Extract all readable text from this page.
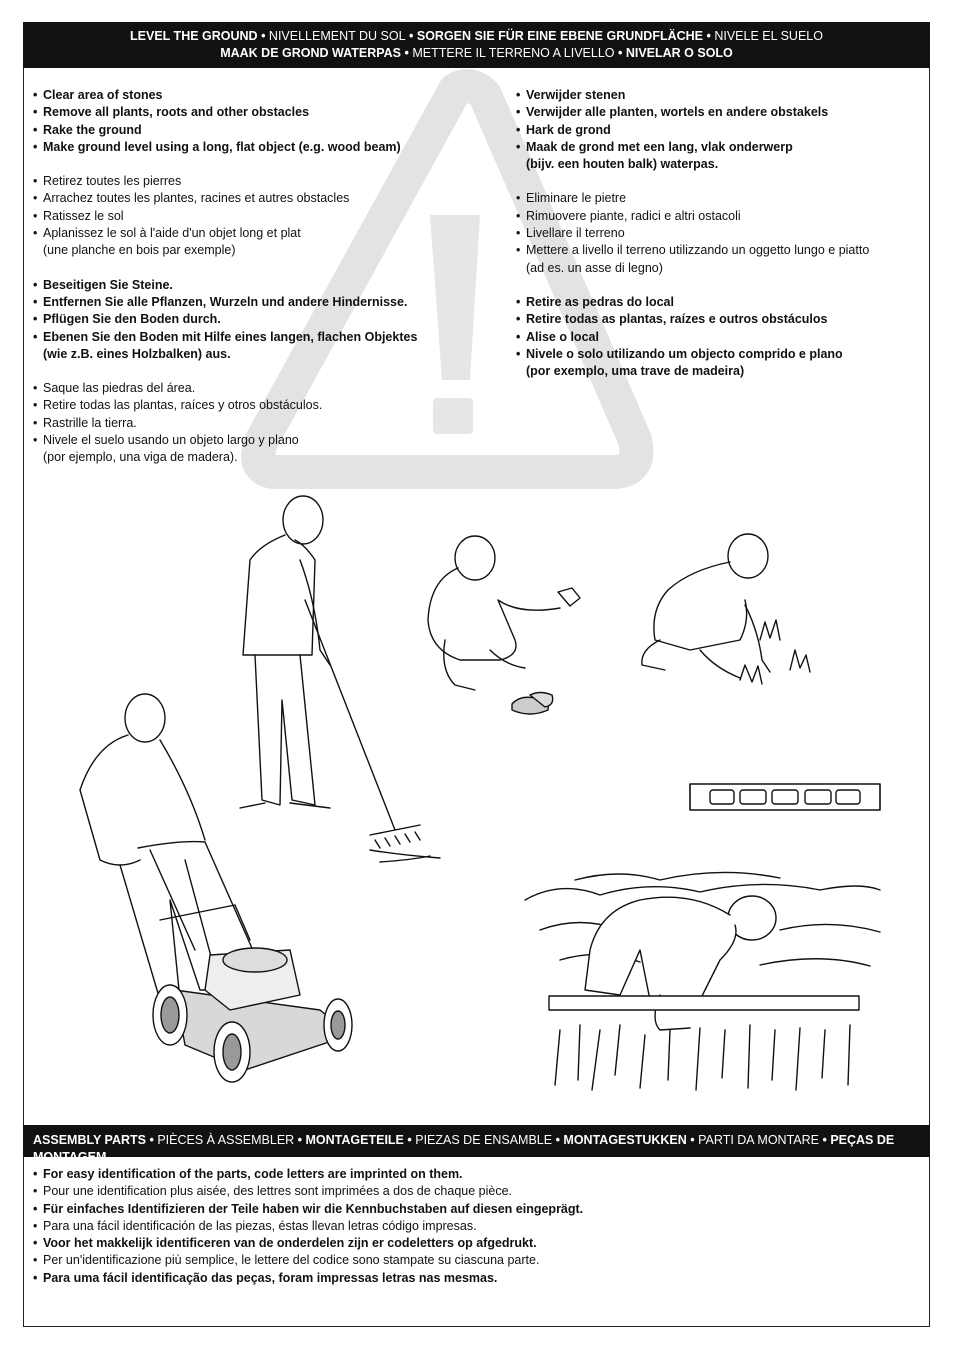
LEVEL THE GROUND • NIVELLEMENT DU SOL • SORGEN SIE FÜR EINE EBENE GRUNDFLÄCHE • NIVELE EL SUELO
MAAK DE GROND WATERPAS • METTERE IL TERRENO A LIVELLO • NIVELAR O SOLO
• Clear area of stones
• Remove all plants, roots and other obstacles
• Rake the ground
• Make ground level using a long, flat object (e.g. wood beam)
• Retirez toutes les pierres
• Arrachez toutes les plantes, racines et autres obstacles
• Ratissez le sol
• Aplanissez le sol à l'aide d'un objet long et plat
(une planche en bois par exemple)
• Beseitigen Sie Steine.
• Entfernen Sie alle Pflanzen, Wurzeln und andere Hindernisse.
• Pflügen Sie den Boden durch.
• Ebenen Sie den Boden mit Hilfe eines langen, flachen Objektes
(wie z.B. eines Holzbalken) aus.
• Saque las piedras del área.
• Retire todas las plantas, raíces y otros obstáculos.
• Rastrille la tierra.
• Nivele el suelo usando un objeto largo y plano
(por ejemplo, una viga de madera).
• Verwijder stenen
• Verwijder alle planten, wortels en andere obstakels
• Hark de grond
• Maak de grond met een lang, vlak onderwerp
(bijv. een houten balk) waterpas.
• Eliminare le pietre
• Rimuovere piante, radici e altri ostacoli
• Livellare il terreno
• Mettere a livello il terreno utilizzando un oggetto lungo e piatto
(ad es. un asse di legno)
• Retire as pedras do local
• Retire todas as plantas, raízes e outros obstáculos
• Alise o local
• Nivele o solo utilizando um objecto comprido e plano
(por exemplo, uma trave de madeira)
ASSEMBLY PARTS • PIÈCES À ASSEMBLER • MONTAGETEILE • PIEZAS DE ENSAMBLE • MONTAGESTUKKEN • PARTI DA MONTARE • PEÇAS DE MONTAGEM
• For easy identification of the parts, code letters are imprinted on them.
• Pour une identification plus aisée, des lettres sont imprimées a dos de chaque pièce.
• Für einfaches Identifizieren der Teile haben wir die Kennbuchstaben auf diesen eingeprägt.
• Para una fácil identificación de las piezas, éstas llevan letras código impresas.
• Voor het makkelijk identificeren van de onderdelen zijn er codeletters op afgedrukt.
• Per un'identificazione più semplice, le lettere del codice sono stampate su ciascuna parte.
• Para uma fácil identificação das peças, foram impressas letras nas mesmas.
